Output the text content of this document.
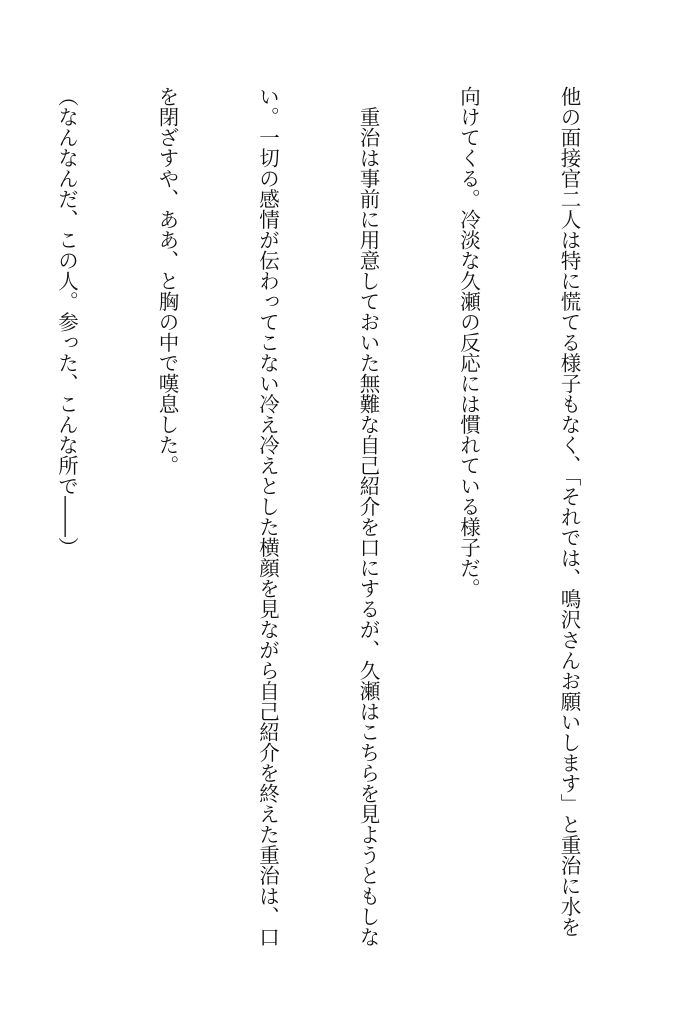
他の面接官二人は特に慌てる様子もなく、「それでは、鳴沢さんお願いします」と重治に水を

向けてくる。冷淡な久瀬の反応には慣れている様子だ。

　重治は事前に用意しておいた無難な自己紹介を口にするが、久瀬はこちらを見ようともしな

い。一切の感情が伝わってこない冷え冷えとした横顔を見ながら自己紹介を終えた重治は、口

を閉ざすや、ああ、と胸の中で嘆息した。

（なんなんだ、この人。参った、こんな所で――）
